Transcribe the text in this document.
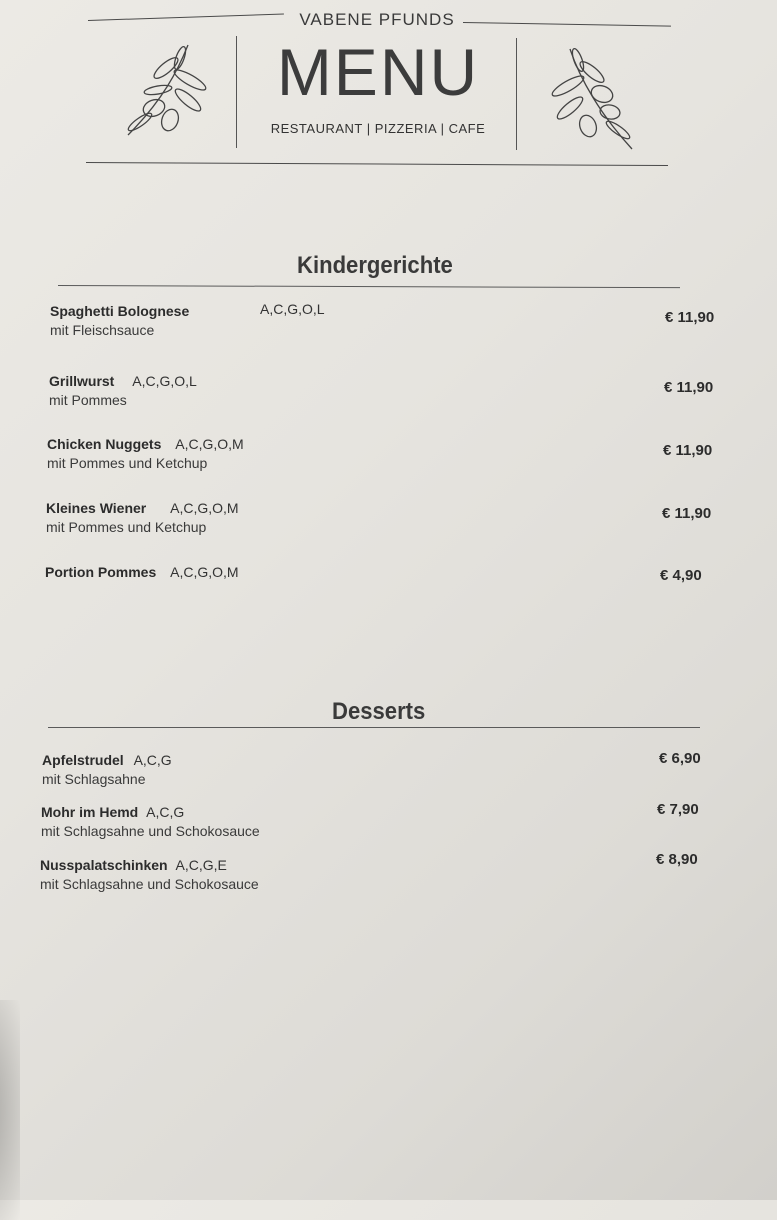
VABENE PFUNDS
MENU
RESTAURANT | PIZZERIA | CAFE
Kindergerichte
Spaghetti Bolognese	A,C,G,O,L
mit Fleischsauce
€ 11,90
Grillwurst A,C,G,O,L
mit Pommes
€ 11,90
Chicken Nuggets A,C,G,O,M
mit Pommes und Ketchup
€ 11,90
Kleines Wiener A,C,G,O,M
mit Pommes und Ketchup
€ 11,90
Portion Pommes A,C,G,O,M	€ 4,90
Desserts
Apfelstrudel A,C,G
mit Schlagsahne
€ 6,90
Mohr im Hemd A,C,G
mit Schlagsahne und Schokosauce
€ 7,90
Nusspalatschinken A,C,G,E
mit Schlagsahne und Schokosauce
€ 8,90
